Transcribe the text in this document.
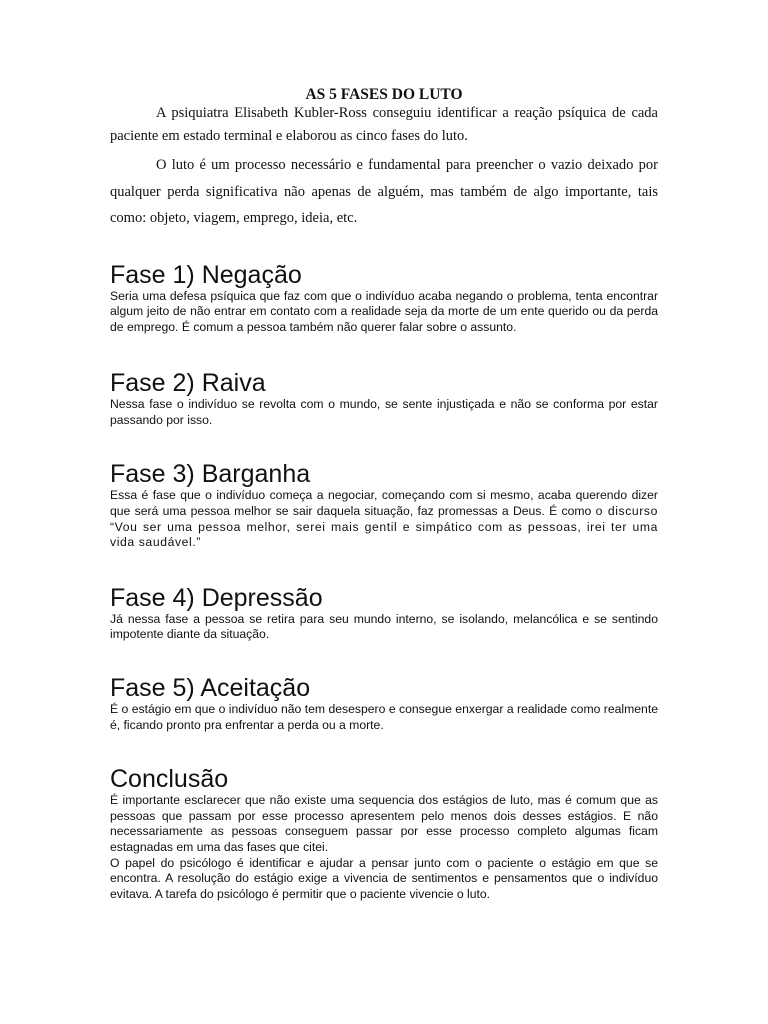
AS 5 FASES DO LUTO

A psiquiatra Elisabeth Kubler-Ross conseguiu identificar a reação psíquica de cada paciente em estado terminal e elaborou as cinco fases do luto.

O luto é um processo necessário e fundamental para preencher o vazio deixado por qualquer perda significativa não apenas de alguém, mas também de algo importante, tais como: objeto, viagem, emprego, ideia, etc.

Fase 1) Negação

Seria uma defesa psíquica que faz com que o indivíduo acaba negando o problema, tenta encontrar algum jeito de não entrar em contato com a realidade seja da morte de um ente querido ou da perda de emprego. É comum a pessoa também não querer falar sobre o assunto.

Fase 2) Raiva

Nessa fase o indivíduo se revolta com o mundo, se sente injustiçada e não se conforma por estar passando por isso.

Fase 3) Barganha

Essa é fase que o indivíduo começa a negociar, começando com si mesmo, acaba querendo dizer que será uma pessoa melhor se sair daquela situação, faz promessas a Deus. É como o discurso “Vou ser uma pessoa melhor, serei mais gentil e simpático com as pessoas, irei ter uma vida saudável.”

Fase 4) Depressão

Já nessa fase a pessoa se retira para seu mundo interno, se isolando, melancólica e se sentindo impotente diante da situação.

Fase 5) Aceitação

É o estágio em que o indivíduo não tem desespero e consegue enxergar a realidade como realmente é, ficando pronto pra enfrentar a perda ou a morte.

Conclusão

É importante esclarecer que não existe uma sequencia dos estágios de luto, mas é comum que as pessoas que passam por esse processo apresentem pelo menos dois desses estágios. E não necessariamente as pessoas conseguem passar por esse processo completo algumas ficam estagnadas em uma das fases que citei.

O papel do psicólogo é identificar e ajudar a pensar junto com o paciente o estágio em que se encontra. A resolução do estágio exige a vivencia de sentimentos e pensamentos que o indivíduo evitava. A tarefa do psicólogo é permitir que o paciente vivencie o luto.
